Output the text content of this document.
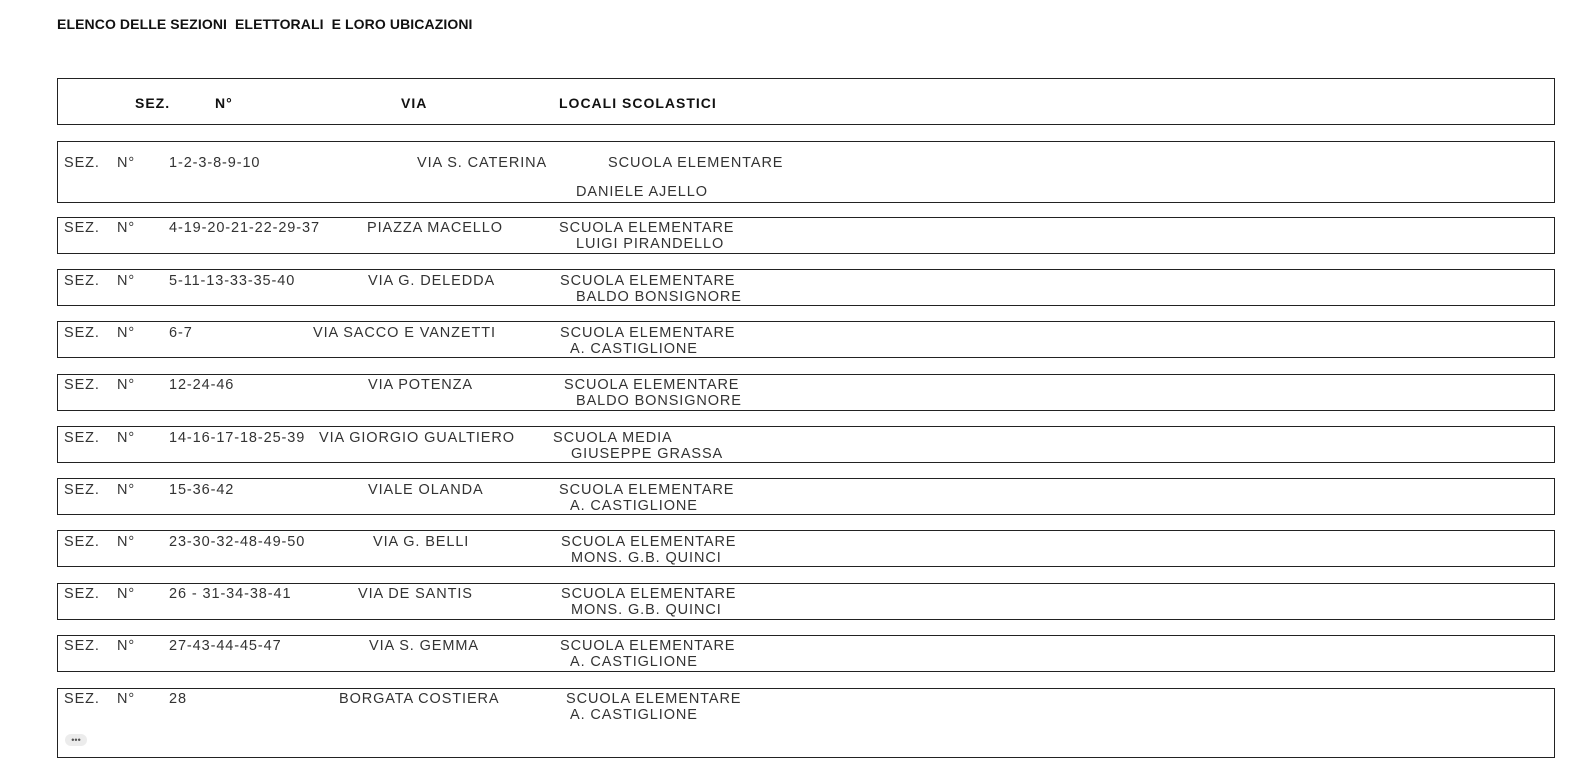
ELENCO DELLE SEZIONI  ELETTORALI  E LORO UBICAZIONI
SEZ.	N°	VIA	LOCALI SCOLASTICI
SEZ. N° 1-2-3-8-9-10	VIA S. CATERINA	SCUOLA ELEMENTARE
DANIELE AJELLO
SEZ. N° 4-19-20-21-22-29-37	PIAZZA MACELLO	SCUOLA ELEMENTARE
LUIGI PIRANDELLO
SEZ. N° 5-11-13-33-35-40	VIA G. DELEDDA	SCUOLA ELEMENTARE
BALDO BONSIGNORE
SEZ. N° 6-7	VIA SACCO E VANZETTI	SCUOLA ELEMENTARE
A. CASTIGLIONE
SEZ. N° 12-24-46	VIA POTENZA	SCUOLA ELEMENTARE
BALDO BONSIGNORE
SEZ. N° 14-16-17-18-25-39 VIA GIORGIO GUALTIERO	SCUOLA MEDIA
GIUSEPPE GRASSA
SEZ. N° 15-36-42	VIALE OLANDA	SCUOLA ELEMENTARE
A. CASTIGLIONE
SEZ. N° 23-30-32-48-49-50	VIA G. BELLI	SCUOLA ELEMENTARE
MONS. G.B. QUINCI
SEZ. N° 26 - 31-34-38-41	VIA DE SANTIS	SCUOLA ELEMENTARE
MONS. G.B. QUINCI
SEZ. N° 27-43-44-45-47	VIA S. GEMMA	SCUOLA ELEMENTARE
A. CASTIGLIONE
SEZ. N° 28	BORGATA COSTIERA	SCUOLA ELEMENTARE
A. CASTIGLIONE
•••
